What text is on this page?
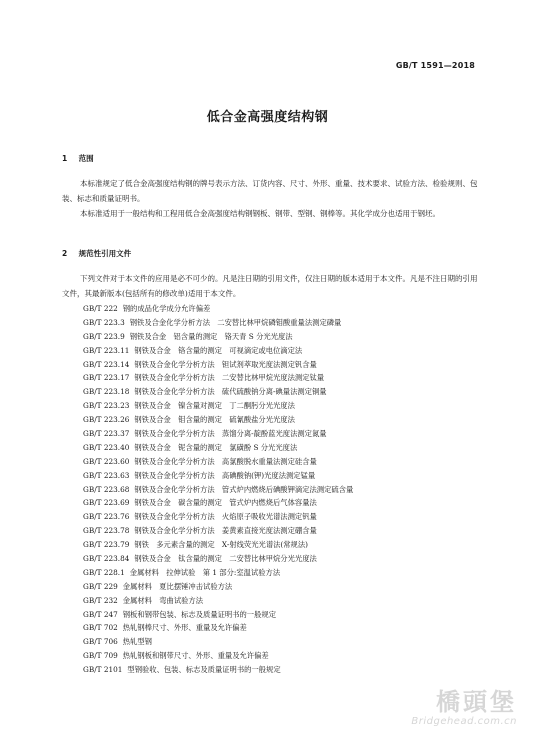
GB/T 1591—2018
低合金高强度结构钢
1 范围
本标准规定了低合金高强度结构钢的牌号表示方法、订货内容、尺寸、外形、重量、技术要求、试验方法、检验规则、包装、标志和质量证明书。
本标准适用于一般结构和工程用低合金高强度结构钢钢板、钢带、型钢、钢棒等。其化学成分也适用于钢坯。
2 规范性引用文件
下列文件对于本文件的应用是必不可少的。凡是注日期的引用文件，仅注日期的版本适用于本文件。凡是不注日期的引用文件，其最新版本(包括所有的修改单)适用于本文件。
GB/T 222 钢的成品化学成分允许偏差
GB/T 223.3 钢铁及合金化学分析方法　二安替比林甲烷磷钼酸重量法测定磷量
GB/T 223.9 钢铁及合金　铝含量的测定　铬天青 S 分光光度法
GB/T 223.11 钢铁及合金　铬含量的测定　可视滴定或电位滴定法
GB/T 223.14 钢铁及合金化学分析方法　钽试剂萃取光度法测定钒含量
GB/T 223.17 钢铁及合金化学分析方法　二安替比林甲烷光度法测定钛量
GB/T 223.18 钢铁及合金化学分析方法　硫代硫酸钠分离-碘量法测定铜量
GB/T 223.23 钢铁及合金　镍含量对测定　丁二酮肟分光光度法
GB/T 223.26 钢铁及合金　钼含量的测定　硫氰酸盐分光光度法
GB/T 223.37 钢铁及合金化学分析方法　蒸馏分离-靛酚蓝光度法测定氮量
GB/T 223.40 钢铁及合金　铌含量的测定　氯磺酚 S 分光光度法
GB/T 223.60 钢铁及合金化学分析方法　高氯酸脱水重量法测定硅含量
GB/T 223.63 钢铁及合金化学分析方法　高碘酸钠(钾)光度法测定锰量
GB/T 223.68 钢铁及合金化学分析方法　管式炉内燃烧后碘酸钾滴定法测定硫含量
GB/T 223.69 钢铁及合金　碳含量的测定　管式炉内燃烧后气体容量法
GB/T 223.76 钢铁及合金化学分析方法　火焰原子吸收光谱法测定钒量
GB/T 223.78 钢铁及合金化学分析方法　姜黄素直接光度法测定硼含量
GB/T 223.79 钢铁　多元素含量的测定　X-射线荧光光谱法(常规法)
GB/T 223.84 钢铁及合金　钛含量的测定　二安替比林甲烷分光光度法
GB/T 228.1 金属材料　拉伸试验　第 1 部分:室温试验方法
GB/T 229 金属材料　夏比摆锤冲击试验方法
GB/T 232 金属材料　弯曲试验方法
GB/T 247 钢板和钢带包装、标志及质量证明书的一般规定
GB/T 702 热轧钢棒尺寸、外形、重量及允许偏差
GB/T 706 热轧型钢
GB/T 709 热轧钢板和钢带尺寸、外形、重量及允许偏差
GB/T 2101 型钢验收、包装、标志及质量证明书的一般规定
橋頭堡
Bridgehead.com.cn
